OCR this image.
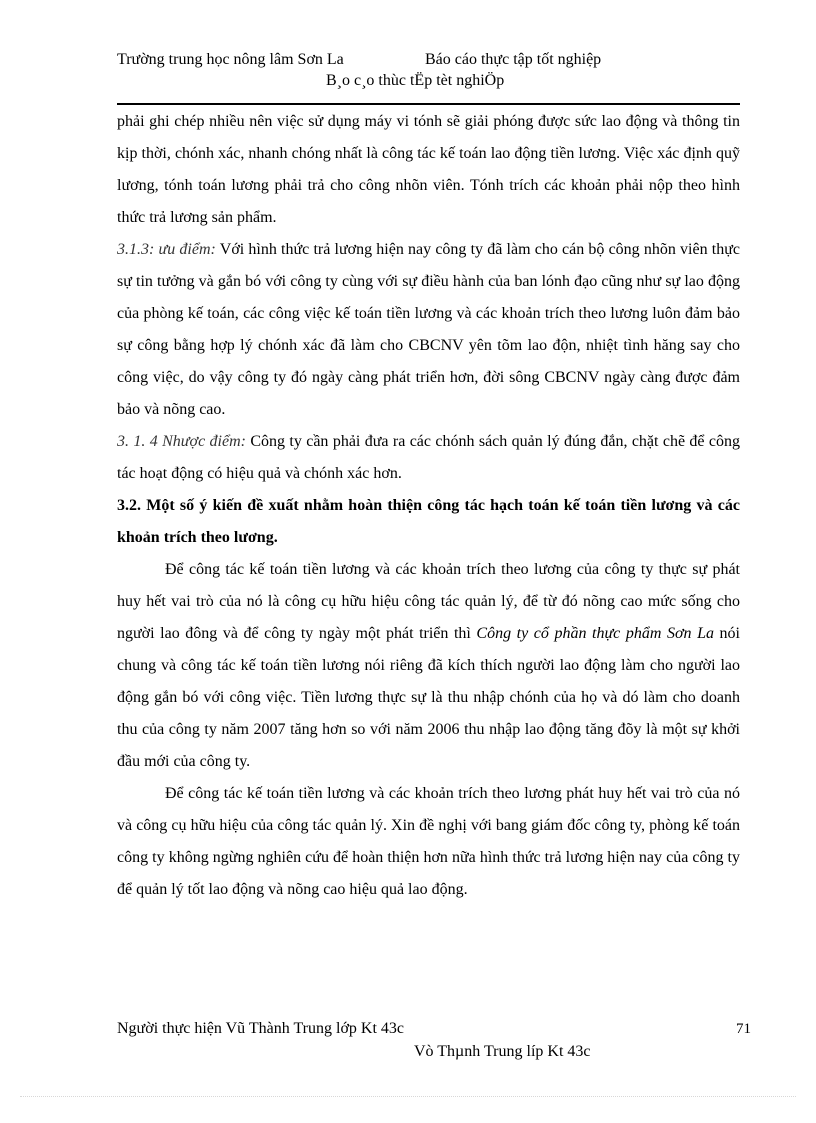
Trường trung học nông lâm Sơn La	Báo cáo thực tập tốt nghiệp
B¸o c¸o thùc tËp tèt nghiÖp

phải ghi chép nhiều nên việc sử dụng máy vi tónh sẽ giải phóng được sức lao động và thông tin kịp thời, chónh xác, nhanh chóng nhất là công tác kế toán lao động tiền lương. Việc xác định quỹ lương, tónh toán lương phải trả cho công nhõn viên. Tónh trích các khoản phải nộp theo hình thức trả lương sản phẩm.

3.1.3: ưu điểm: Với hình thức trả lương hiện nay công ty đã làm cho cán bộ công nhõn viên thực sự tin tưởng và gắn bó với công ty cùng với sự điều hành của ban lónh đạo cũng như sự lao động của phòng kế toán, các công việc kế toán tiền lương và các khoản trích theo lương luôn đảm bảo sự công bằng hợp lý chónh xác đã làm cho CBCNV yên tõm lao độn, nhiệt tình hăng say cho công việc, do vậy công ty đó ngày càng phát triển hơn, đời sông CBCNV ngày càng được đảm bảo và nõng cao.

3. 1. 4 Nhược điểm: Công ty cần phải đưa ra các chónh sách quản lý đúng đắn, chặt chẽ để công tác hoạt động có hiệu quả và chónh xác hơn.

3.2. Một số ý kiến đề xuất nhằm hoàn thiện công tác hạch toán kế toán tiền lương và các khoản trích theo lương.

Để công tác kế toán tiền lương và các khoản trích theo lương của công ty thực sự phát huy hết vai trò của nó là công cụ hữu hiệu công tác quản lý, để từ đó nõng cao mức sống cho người lao đông và để công ty ngày một phát triển thì Công ty cổ phần thực phẩm Sơn La nói chung và công tác kế toán tiền lương nói riêng đã kích thích người lao động làm cho người lao động gắn bó với công việc. Tiền lương thực sự là thu nhập chónh của họ và dó làm cho doanh thu của công ty năm 2007 tăng hơn so với năm 2006 thu nhập lao động tăng đõy là một sự khởi đầu mới của công ty.

Để công tác kế toán tiền lương và các khoản trích theo lương phát huy hết vai trò của nó và công cụ hữu hiệu của công tác quản lý. Xin đề nghị với bang giám đốc công ty, phòng kế toán công ty không ngừng nghiên cứu để hoàn thiện hơn nữa hình thức trả lương hiện nay của công ty để quản lý tốt lao động và nõng cao hiệu quả lao động.

Người thực hiện Vũ Thành Trung lớp Kt 43c	71
Vò Thµnh Trung líp Kt 43c
